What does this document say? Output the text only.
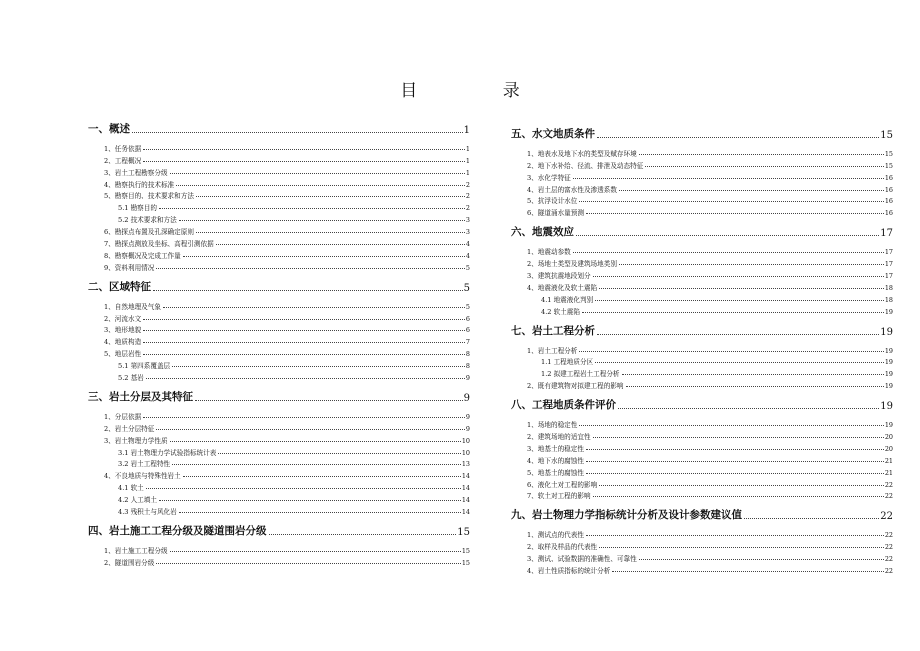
目 录
一、概述	1
1、任务依据	1
2、工程概况	1
3、岩土工程勘察分级	1
4、勘察执行的技术标准	2
5、勘察目的、技术要求和方法	2
5.1 勘察目的	2
5.2 技术要求和方法	3
6、勘探点布置及孔深确定原则	3
7、勘探点测放及坐标、高程引测依据	4
8、勘察概况及完成工作量	4
9、资料利用情况	5
二、区域特征	5
1、自然地理及气象	5
2、河流水文	6
3、地形地貌	6
4、地质构造	7
5、地层岩性	8
5.1 第四系覆盖层	8
5.2 基岩	9
三、岩土分层及其特征	9
1、分层依据	9
2、岩土分层特征	9
3、岩土物理力学性质	10
3.1 岩土物理力学试验指标统计表	10
3.2 岩土工程特性	13
4、不良地质与特殊性岩土	14
4.1 软土	14
4.2 人工填土	14
4.3 残积土与风化岩	14
四、岩土施工工程分级及隧道围岩分级	15
1、岩土施工工程分级	15
2、隧道围岩分级	15
五、水文地质条件	15
1、地表水及地下水的类型及赋存环境	15
2、地下水补给、径流、排泄及动态特征	15
3、水化学特征	16
4、岩土层的富水性及渗透系数	16
5、抗浮设计水位	16
6、隧道涌水量预测	16
六、地震效应	17
1、地震动参数	17
2、场地土类型及建筑场地类别	17
3、建筑抗震地段划分	17
4、地震液化及软土震陷	18
4.1 地震液化判别	18
4.2 软土震陷	19
七、岩土工程分析	19
1、岩土工程分析	19
1.1 工程地质分区	19
1.2 拟建工程岩土工程分析	19
2、既有建筑物对拟建工程的影响	19
八、工程地质条件评价	19
1、场地的稳定性	19
2、建筑场地的适宜性	20
3、地基土的稳定性	20
4、地下水的腐蚀性	21
5、地基土的腐蚀性	21
6、液化土对工程的影响	22
7、软土对工程的影响	22
九、岩土物理力学指标统计分析及设计参数建议值	22
1、测试点的代表性	22
2、取样及样品的代表性	22
3、测试、试验数据的准确性、可靠性	22
4、岩土性质指标的统计分析	22
